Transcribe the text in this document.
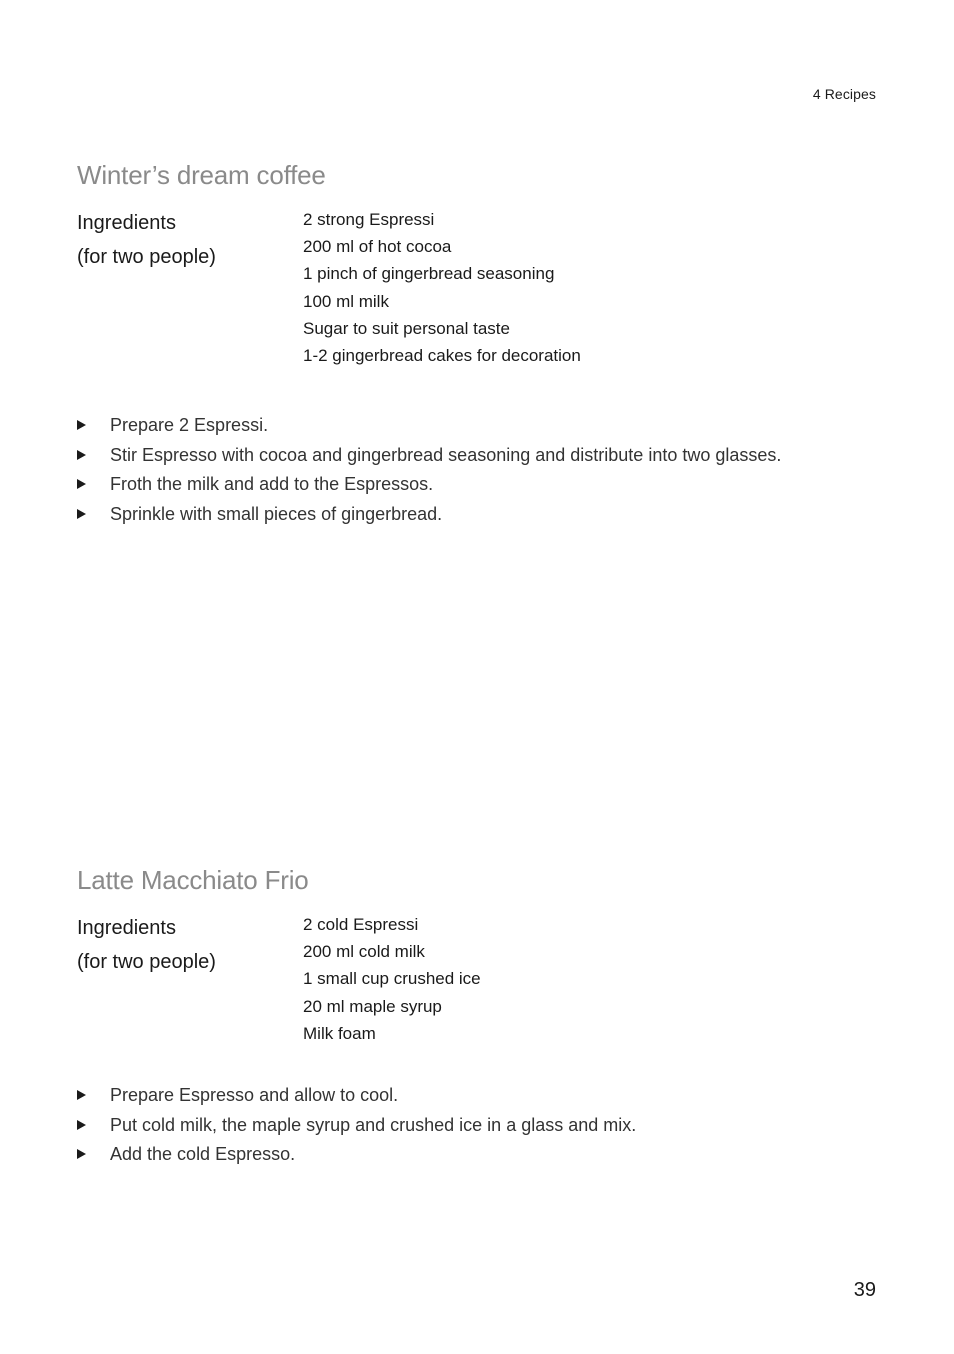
4 Recipes
Winter’s dream coffee
Ingredients
(for two people)
2 strong Espressi
200 ml of hot cocoa
1 pinch of gingerbread seasoning
100 ml milk
Sugar to suit personal taste
1-2 gingerbread cakes for decoration
Prepare 2 Espressi.
Stir Espresso with cocoa and gingerbread seasoning and distribute into two glasses.
Froth the milk and add to the Espressos.
Sprinkle with small pieces of gingerbread.
Latte Macchiato Frio
Ingredients
(for two people)
2 cold Espressi
200 ml cold milk
1 small cup crushed ice
20 ml maple syrup
Milk foam
Prepare Espresso and allow to cool.
Put cold milk, the maple syrup and crushed ice in a glass and mix.
Add the cold Espresso.
39
